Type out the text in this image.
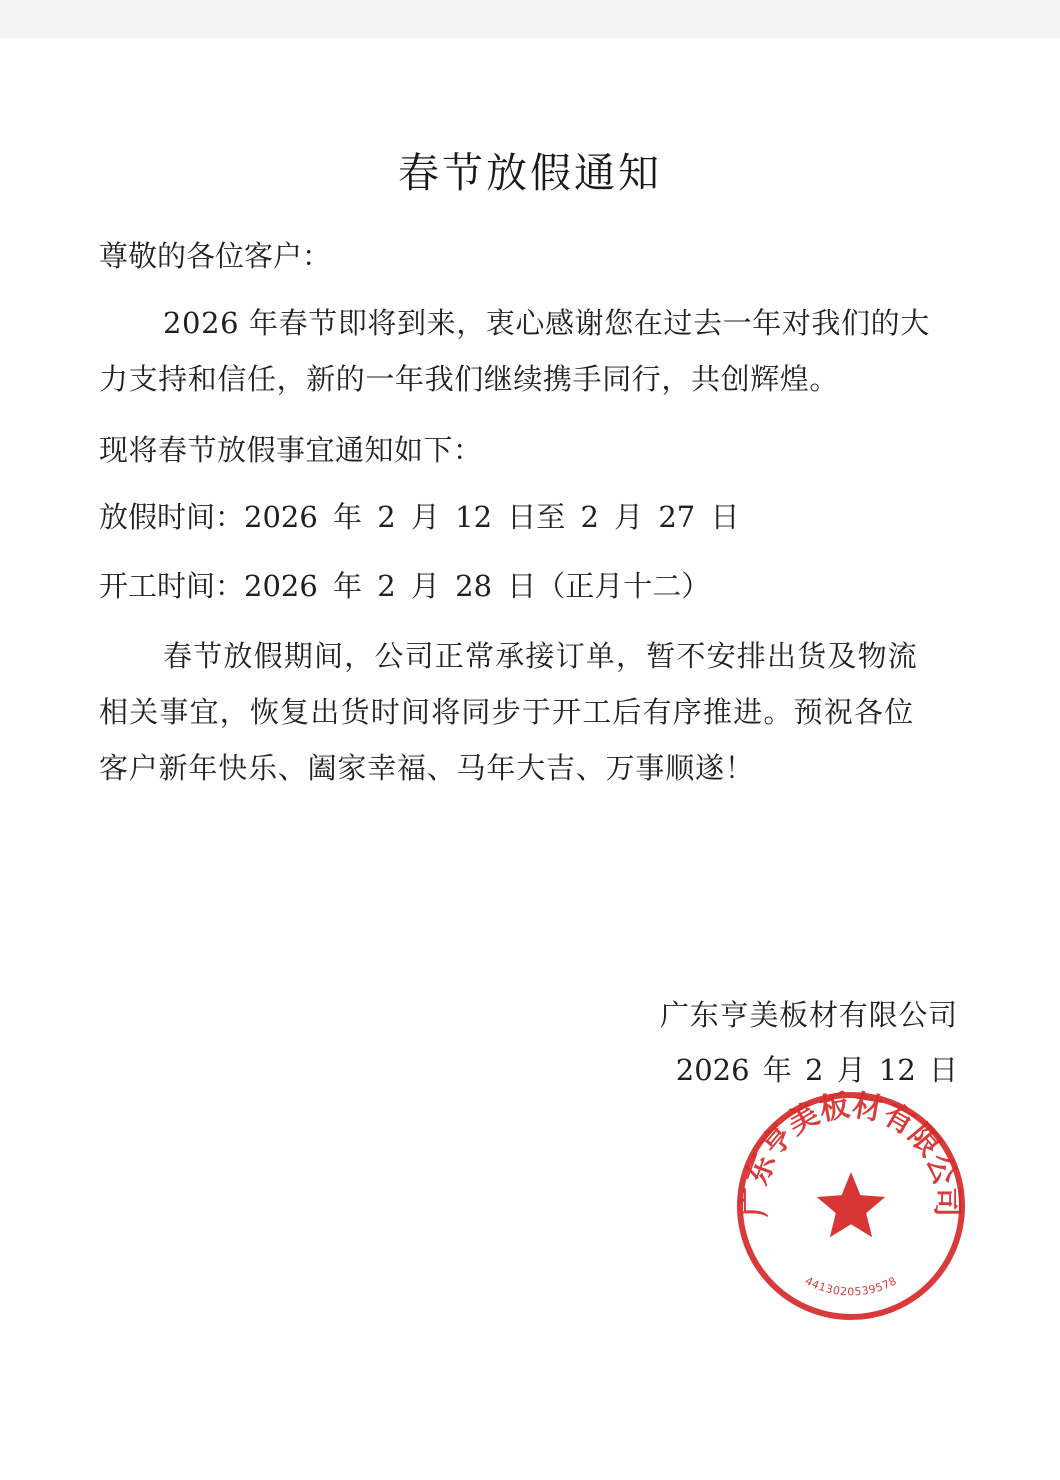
春节放假通知
尊敬的各位客户：
2026 年春节即将到来，衷心感谢您在过去一年对我们的大
力支持和信任，新的一年我们继续携手同行，共创辉煌。
现将春节放假事宜通知如下：
放假时间：2026 年 2 月 12 日至 2 月 27 日
开工时间：2026 年 2 月 28 日（正月十二）
春节放假期间，公司正常承接订单，暂不安排出货及物流
相关事宜，恢复出货时间将同步于开工后有序推进。预祝各位
客户新年快乐、阖家幸福、马年大吉、万事顺遂！
广东亨美板材有限公司
2026 年 2 月 12 日
广东亨美板材有限公司
4413020539578
